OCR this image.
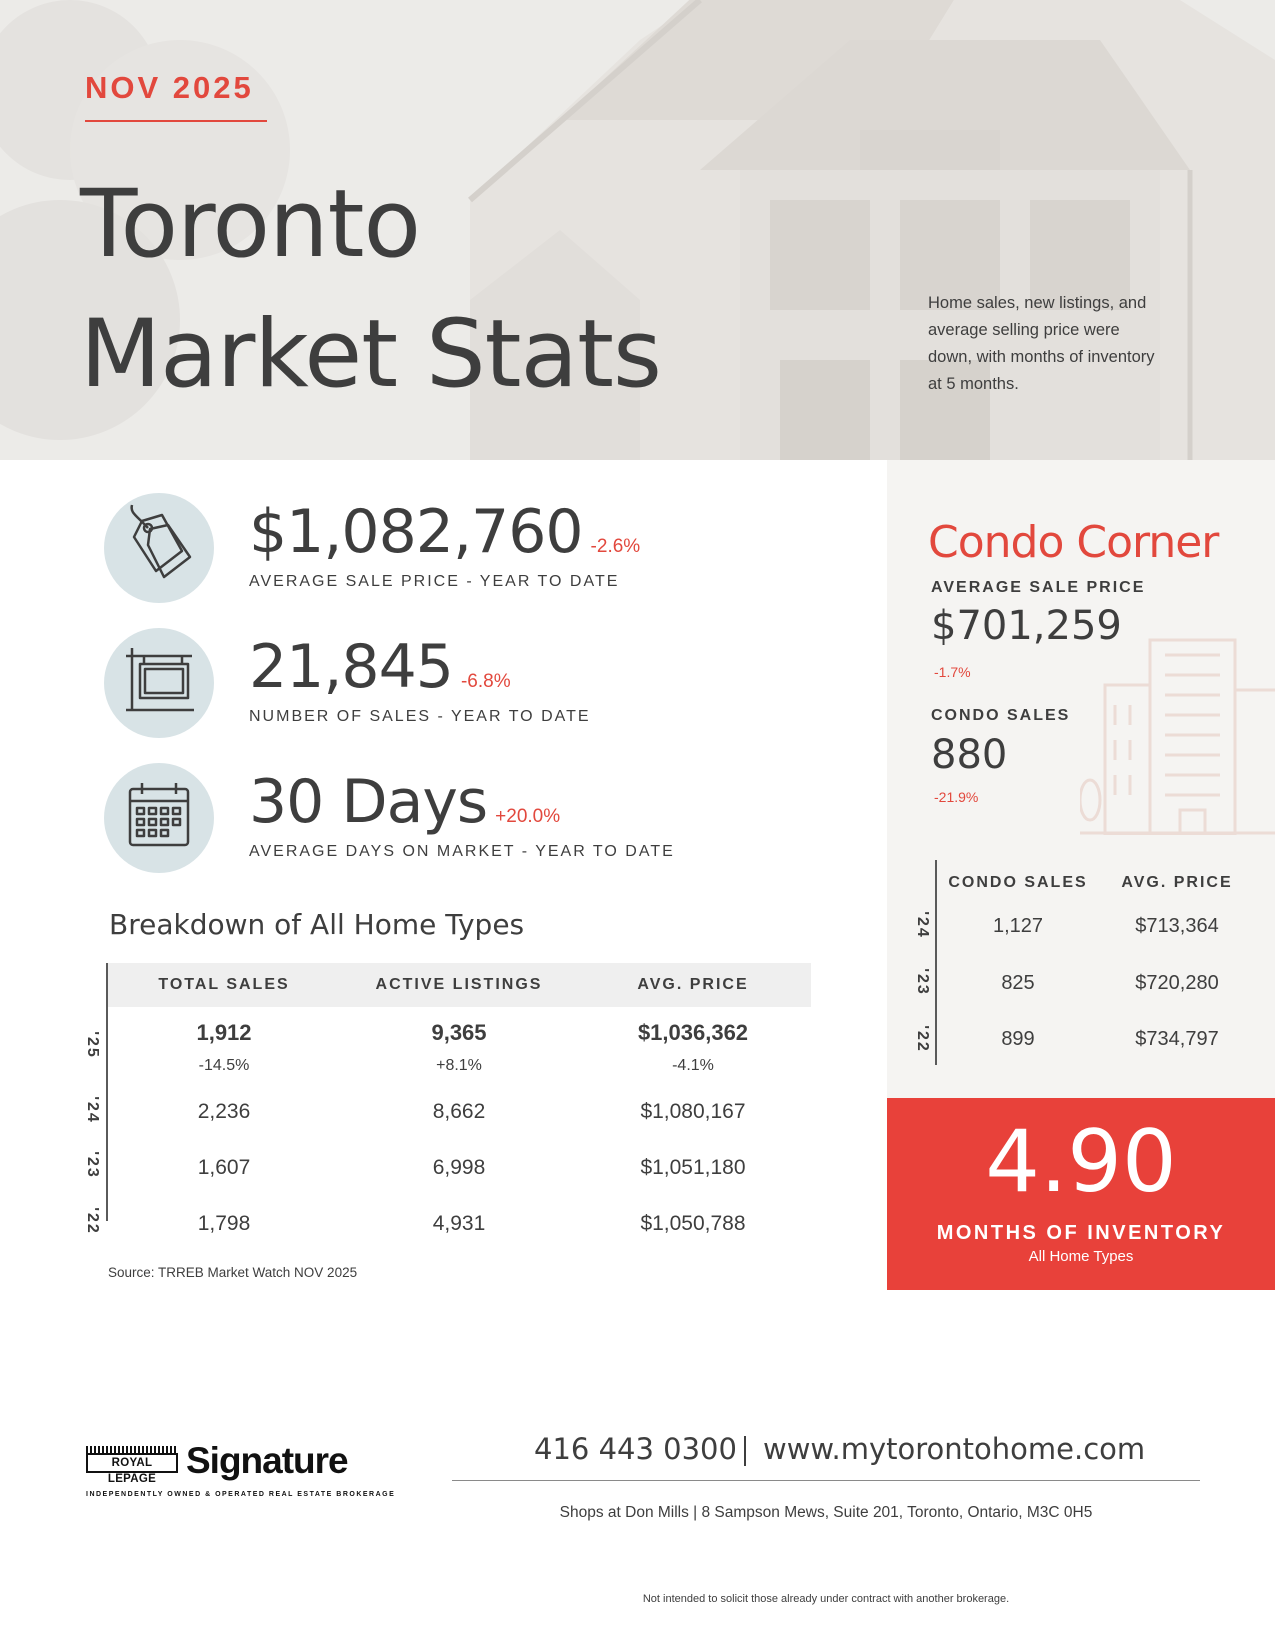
NOV 2025
Toronto
Market Stats	Home sales, new listings, and average selling price were down, with months of inventory at 5 months.
$1,082,760 -2.6%
AVERAGE SALE PRICE - YEAR TO DATE
21,845 -6.8%
NUMBER OF SALES - YEAR TO DATE
30 Days +20.0%
AVERAGE DAYS ON MARKET - YEAR TO DATE
Breakdown of All Home Types
TOTAL SALES	ACTIVE LISTINGS	AVG. PRICE
'25	1,912	9,365	$1,036,362
-14.5%	+8.1%	-4.1%
'24	2,236	8,662	$1,080,167
'23	1,607	6,998	$1,051,180
'22	1,798	4,931	$1,050,788
Source: TRREB Market Watch NOV 2025
Condo Corner
AVERAGE SALE PRICE
$701,259
-1.7%
CONDO SALES
880
-21.9%
CONDO SALES	AVG. PRICE
'24	1,127	$713,364
'23	825	$720,280
'22	899	$734,797
4.90
MONTHS OF INVENTORY
All Home Types
ROYAL LEPAGE Signature
INDEPENDENTLY OWNED & OPERATED REAL ESTATE BROKERAGE
416 443 0300 www.mytorontohome.com
Shops at Don Mills | 8 Sampson Mews, Suite 201, Toronto, Ontario, M3C 0H5
Not intended to solicit those already under contract with another brokerage.
